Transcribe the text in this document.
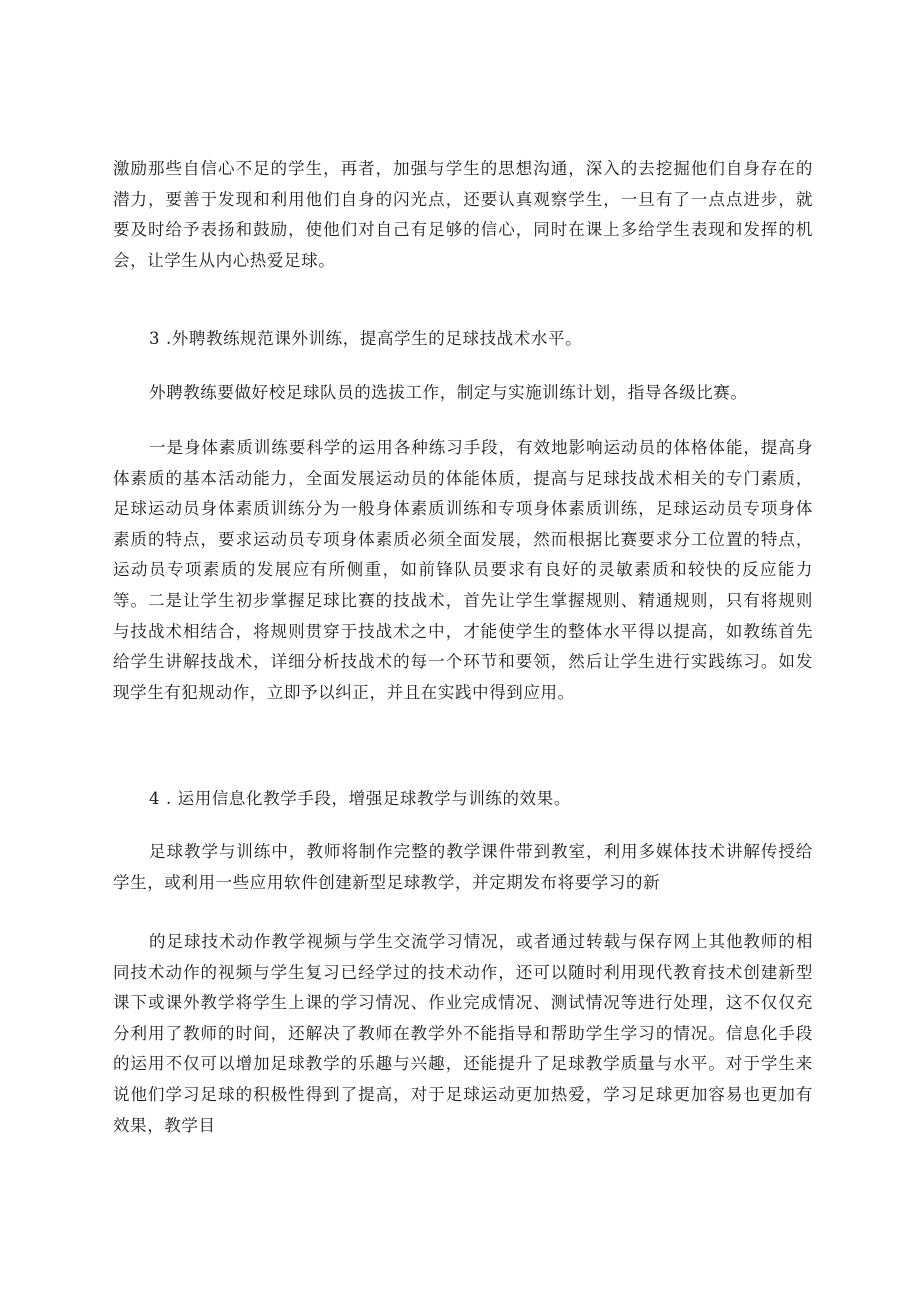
激励那些自信心不足的学生，再者，加强与学生的思想沟通，深入的去挖掘他们自身存在的潜力，要善于发现和利用他们自身的闪光点，还要认真观察学生，一旦有了一点点进步，就要及时给予表扬和鼓励，使他们对自己有足够的信心，同时在课上多给学生表现和发挥的机会，让学生从内心热爱足球。

3 .外聘教练规范课外训练，提高学生的足球技战术水平。

外聘教练要做好校足球队员的选拔工作，制定与实施训练计划，指导各级比赛。

一是身体素质训练要科学的运用各种练习手段，有效地影响运动员的体格体能，提高身体素质的基本活动能力，全面发展运动员的体能体质，提高与足球技战术相关的专门素质，足球运动员身体素质训练分为一般身体素质训练和专项身体素质训练，足球运动员专项身体素质的特点，要求运动员专项身体素质必须全面发展，然而根据比赛要求分工位置的特点，运动员专项素质的发展应有所侧重，如前锋队员要求有良好的灵敏素质和较快的反应能力等。二是让学生初步掌握足球比赛的技战术，首先让学生掌握规则、精通规则，只有将规则与技战术相结合，将规则贯穿于技战术之中，才能使学生的整体水平得以提高，如教练首先给学生讲解技战术，详细分析技战术的每一个环节和要领，然后让学生进行实践练习。如发现学生有犯规动作，立即予以纠正，并且在实践中得到应用。

4 . 运用信息化教学手段，增强足球教学与训练的效果。

足球教学与训练中，教师将制作完整的教学课件带到教室，利用多媒体技术讲解传授给学生，或利用一些应用软件创建新型足球教学，并定期发布将要学习的新

的足球技术动作教学视频与学生交流学习情况，或者通过转载与保存网上其他教师的相同技术动作的视频与学生复习已经学过的技术动作，还可以随时利用现代教育技术创建新型课下或课外教学将学生上课的学习情况、作业完成情况、测试情况等进行处理，这不仅仅充分利用了教师的时间，还解决了教师在教学外不能指导和帮助学生学习的情况。信息化手段的运用不仅可以增加足球教学的乐趣与兴趣，还能提升了足球教学质量与水平。对于学生来说他们学习足球的积极性得到了提高，对于足球运动更加热爱，学习足球更加容易也更加有效果，教学目
